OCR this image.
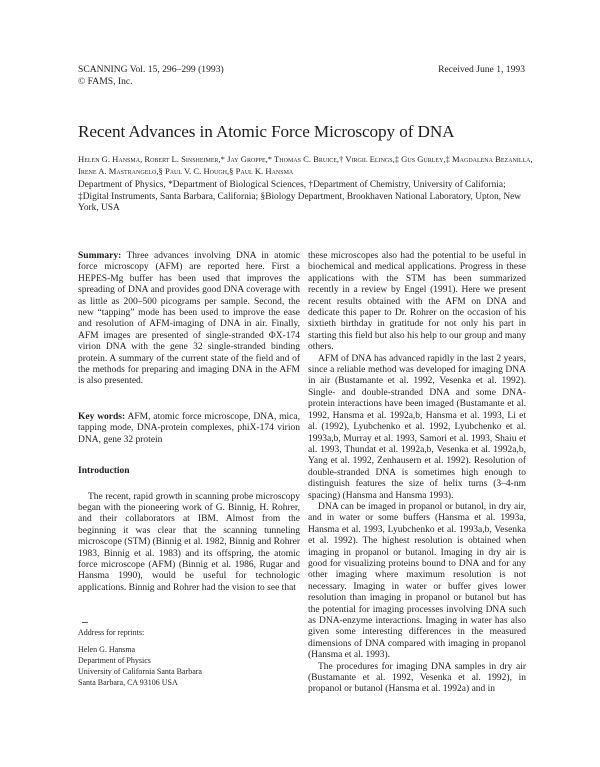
SCANNING Vol. 15, 296–299 (1993)
© FAMS, Inc.
Received June 1, 1993
Recent Advances in Atomic Force Microscopy of DNA
Helen G. Hansma, Robert L. Sinsheimer,* Jay Groppe,* Thomas C. Bruice,† Virgil Elings,‡ Gus Gurley,‡ Magdalena Bezanilla, Irene A. Mastrangelo,§ Paul V. C. Hough,§ Paul K. Hansma
Department of Physics, *Department of Biological Sciences, †Department of Chemistry, University of California; ‡Digital Instruments, Santa Barbara, California; §Biology Department, Brookhaven National Laboratory, Upton, New York, USA

Summary: Three advances involving DNA in atomic force microscopy (AFM) are reported here. First a HEPES-Mg buffer has been used that improves the spreading of DNA and provides good DNA coverage with as little as 200–500 picograms per sample. Second, the new “tapping” mode has been used to improve the ease and resolution of AFM-imaging of DNA in air. Finally, AFM images are presented of single-stranded ΦX-174 virion DNA with the gene 32 single-stranded binding protein. A summary of the current state of the field and of the methods for preparing and imaging DNA in the AFM is also presented.

Key words: AFM, atomic force microscope, DNA, mica, tapping mode, DNA-protein complexes, phiX-174 virion DNA, gene 32 protein

Introduction

The recent, rapid growth in scanning probe microscopy began with the pioneering work of G. Binnig, H. Rohrer, and their collaborators at IBM. Almost from the beginning it was clear that the scanning tunneling microscope (STM) (Binnig et al. 1982, Binnig and Rohrer 1983, Binnig et al. 1983) and its offspring, the atomic force microscope (AFM) (Binnig et al. 1986, Rugar and Hansma 1990), would be useful for technologic applications. Binnig and Rohrer had the vision to see that

these microscopes also had the potential to be useful in biochemical and medical applications. Progress in these applications with the STM has been summarized recently in a review by Engel (1991). Here we present recent results obtained with the AFM on DNA and dedicate this paper to Dr. Rohrer on the occasion of his sixtieth birthday in gratitude for not only his part in starting this field but also his help to our group and many others.

AFM of DNA has advanced rapidly in the last 2 years, since a reliable method was developed for imaging DNA in air (Bustamante et al. 1992, Vesenka et al. 1992). Single- and double-stranded DNA and some DNA-protein interactions have been imaged (Bustamante et al. 1992, Hansma et al. 1992a,b, Hansma et al. 1993, Li et al. (1992), Lyubchenko et al. 1992, Lyubchenko et al. 1993a,b, Murray et al. 1993, Samori et al. 1993, Shaiu et al. 1993, Thundat et al. 1992a,b, Vesenka et al. 1992a,b, Yang et al. 1992, Zenhausern et al. 1992). Resolution of double-stranded DNA is sometimes high enough to distinguish features the size of helix turns (3–4-nm spacing) (Hansma and Hansma 1993).

DNA can be imaged in propanol or butanol, in dry air, and in water or some buffers (Hansma et al. 1993a, Hansma et al. 1993, Lyubchenko et al. 1993a,b, Vesenka et al. 1992). The highest resolution is obtained when imaging in propanol or butanol. Imaging in dry air is good for visualizing proteins bound to DNA and for any other imaging where maximum resolution is not necessary. Imaging in water or buffer gives lower resolution than imaging in propanol or butanol but has the potential for imaging processes involving DNA such as DNA-enzyme interactions. Imaging in water has also given some interesting differences in the measured dimensions of DNA compared with imaging in propanol (Hansma et al. 1993).

The procedures for imaging DNA samples in dry air (Bustamante et al. 1992, Vesenka et al. 1992), in propanol or butanol (Hansma et al. 1992a) and in

Address for reprints:
Helen G. Hansma
Department of Physics
University of California Santa Barbara
Santa Barbara, CA 93106 USA
